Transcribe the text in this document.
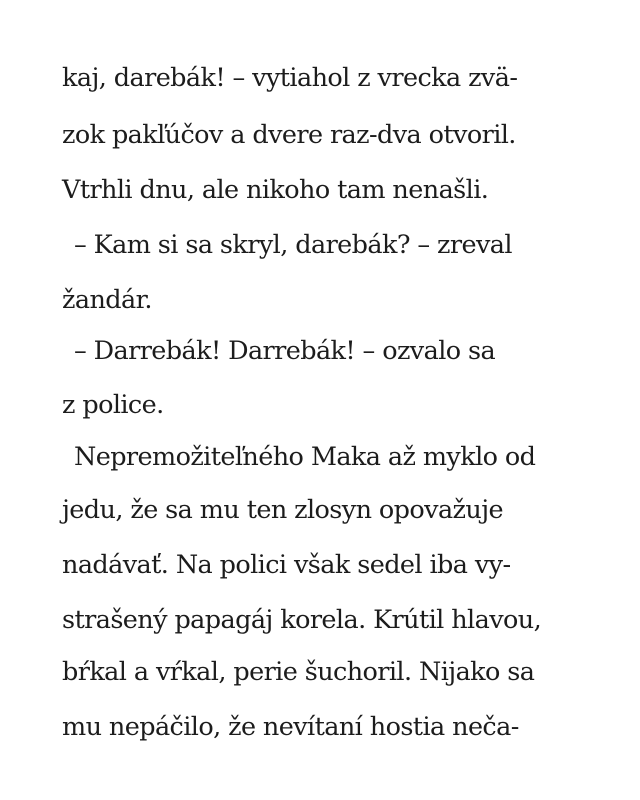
kaj, darebák! – vytiahol z vrecka zvä-
zok pakľúčov a dvere raz-dva otvoril.
Vtrhli dnu, ale nikoho tam nenašli.
– Kam si sa skryl, darebák? – zreval
žandár.
– Darrebák! Darrebák! – ozvalo sa
z police.
Nepremožiteľného Maka až myklo od
jedu, že sa mu ten zlosyn opovažuje
nadávať. Na polici však sedel iba vy-
strašený papagáj korela. Krútil hlavou,
bŕkal a vŕkal, perie šuchoril. Nijako sa
mu nepáčilo, že nevítaní hostia neča-
